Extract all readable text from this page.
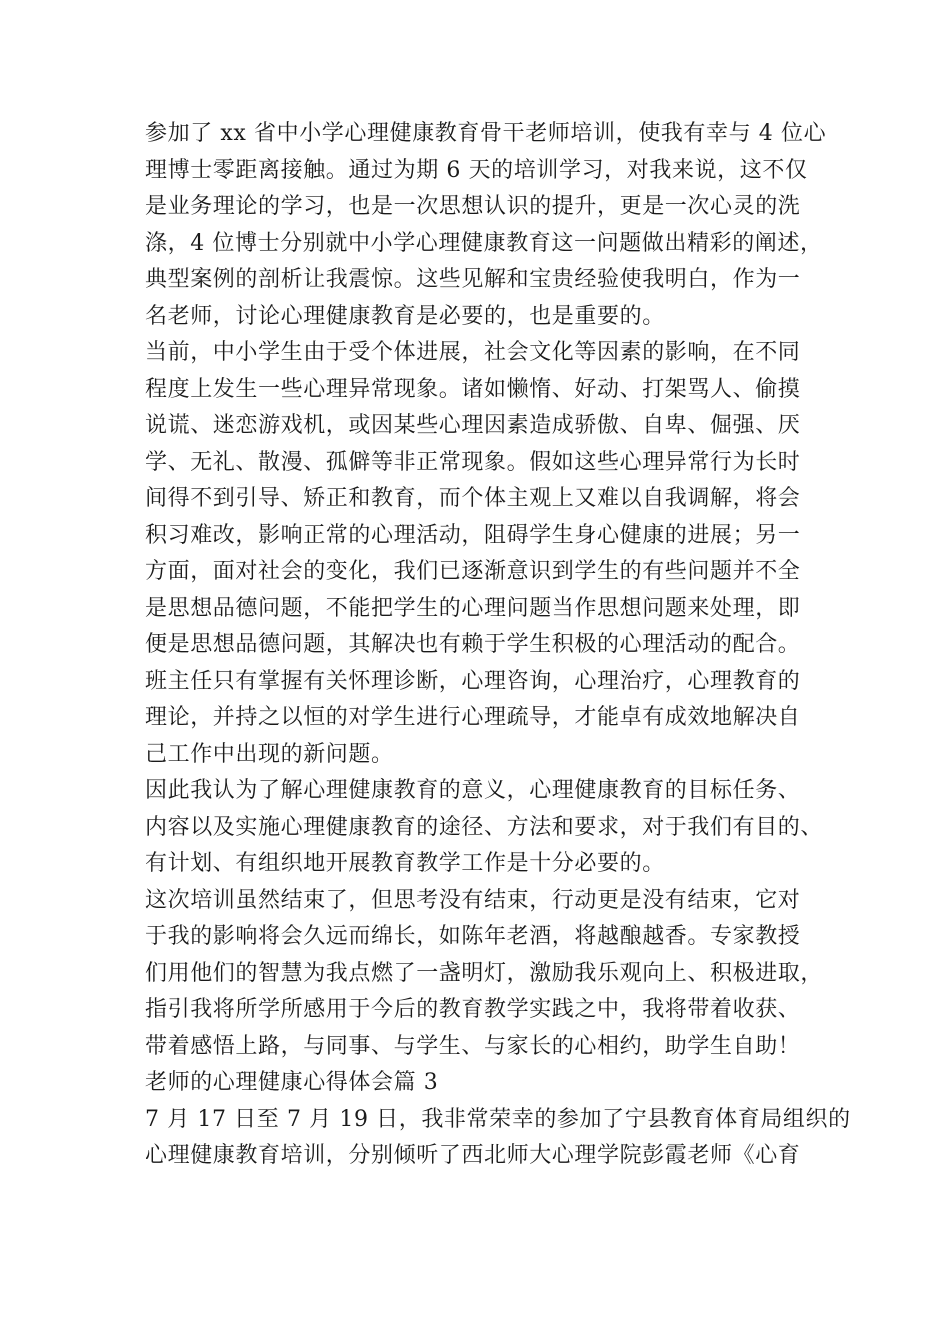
参加了 xx 省中小学心理健康教育骨干老师培训，使我有幸与 4 位心
理博士零距离接触。通过为期 6 天的培训学习，对我来说，这不仅
是业务理论的学习，也是一次思想认识的提升，更是一次心灵的洗
涤，4 位博士分别就中小学心理健康教育这一问题做出精彩的阐述，
典型案例的剖析让我震惊。这些见解和宝贵经验使我明白，作为一
名老师，讨论心理健康教育是必要的，也是重要的。
当前，中小学生由于受个体进展，社会文化等因素的影响，在不同
程度上发生一些心理异常现象。诸如懒惰、好动、打架骂人、偷摸
说谎、迷恋游戏机，或因某些心理因素造成骄傲、自卑、倔强、厌
学、无礼、散漫、孤僻等非正常现象。假如这些心理异常行为长时
间得不到引导、矫正和教育，而个体主观上又难以自我调解，将会
积习难改，影响正常的心理活动，阻碍学生身心健康的进展；另一
方面，面对社会的变化，我们已逐渐意识到学生的有些问题并不全
是思想品德问题，不能把学生的心理问题当作思想问题来处理，即
便是思想品德问题，其解决也有赖于学生积极的心理活动的配合。
班主任只有掌握有关怀理诊断，心理咨询，心理治疗，心理教育的
理论，并持之以恒的对学生进行心理疏导，才能卓有成效地解决自
己工作中出现的新问题。
因此我认为了解心理健康教育的意义，心理健康教育的目标任务、
内容以及实施心理健康教育的途径、方法和要求，对于我们有目的、
有计划、有组织地开展教育教学工作是十分必要的。
这次培训虽然结束了，但思考没有结束，行动更是没有结束，它对
于我的影响将会久远而绵长，如陈年老酒，将越酿越香。专家教授
们用他们的智慧为我点燃了一盏明灯，激励我乐观向上、积极进取，
指引我将所学所感用于今后的教育教学实践之中，我将带着收获、
带着感悟上路，与同事、与学生、与家长的心相约，助学生自助！
老师的心理健康心得体会篇 3
7 月 17 日至 7 月 19 日，我非常荣幸的参加了宁县教育体育局组织的
心理健康教育培训，分别倾听了西北师大心理学院彭霞老师《心育
